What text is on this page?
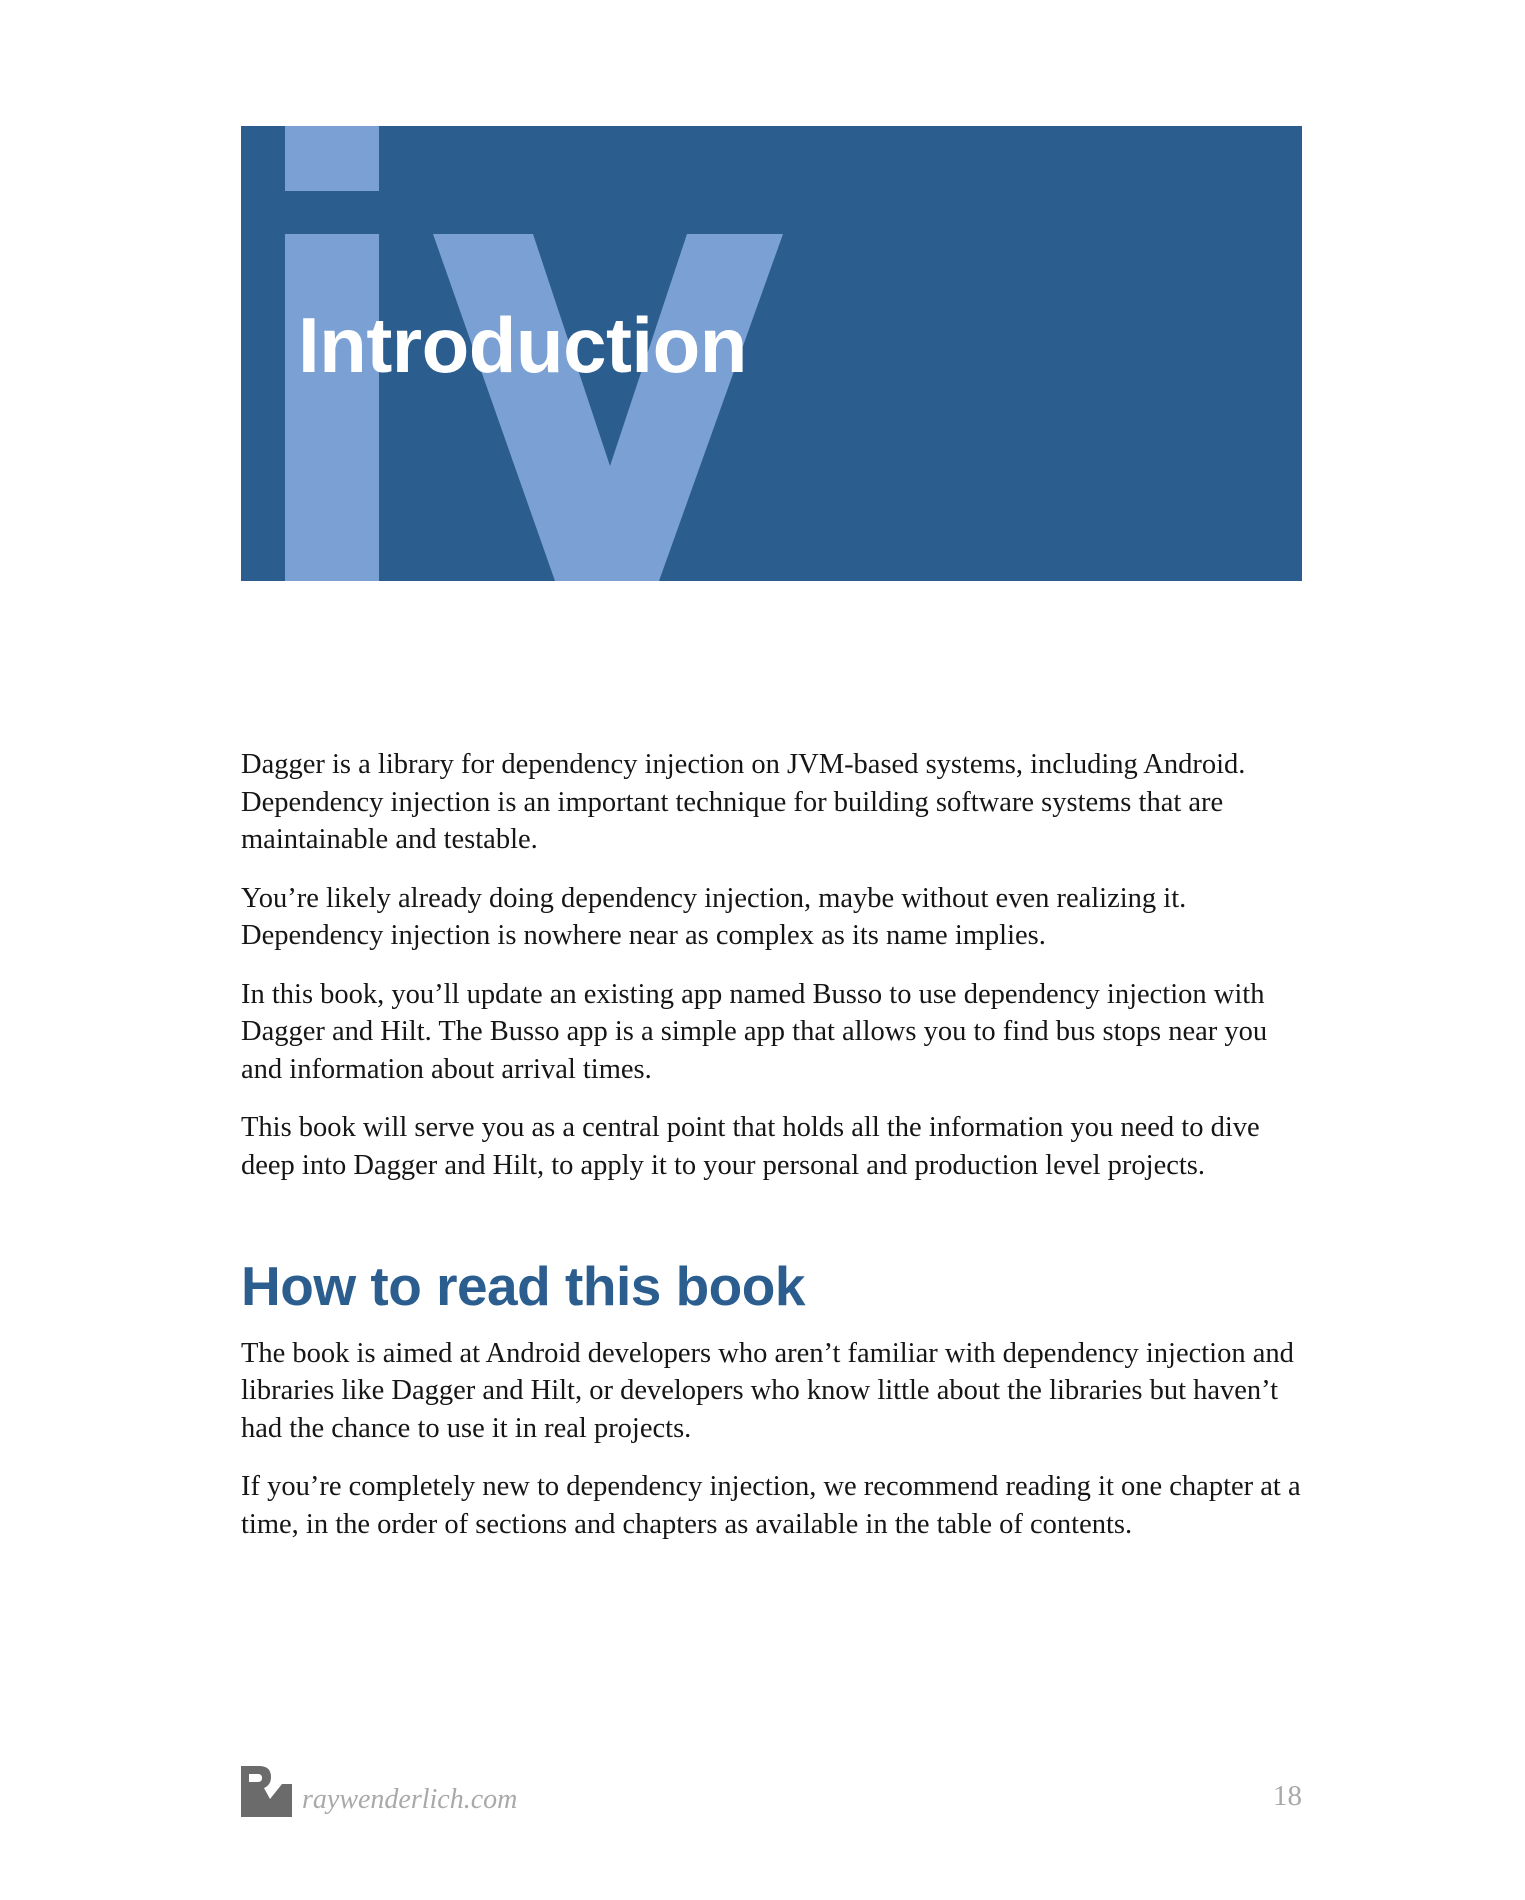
Introduction

Dagger is a library for dependency injection on JVM-based systems, including Android. Dependency injection is an important technique for building software systems that are maintainable and testable.

You’re likely already doing dependency injection, maybe without even realizing it. Dependency injection is nowhere near as complex as its name implies.

In this book, you’ll update an existing app named Busso to use dependency injection with Dagger and Hilt. The Busso app is a simple app that allows you to find bus stops near you and information about arrival times.

This book will serve you as a central point that holds all the information you need to dive deep into Dagger and Hilt, to apply it to your personal and production level projects.

How to read this book

The book is aimed at Android developers who aren’t familiar with dependency injection and libraries like Dagger and Hilt, or developers who know little about the libraries but haven’t had the chance to use it in real projects.

If you’re completely new to dependency injection, we recommend reading it one chapter at a time, in the order of sections and chapters as available in the table of contents.

raywenderlich.com	18
